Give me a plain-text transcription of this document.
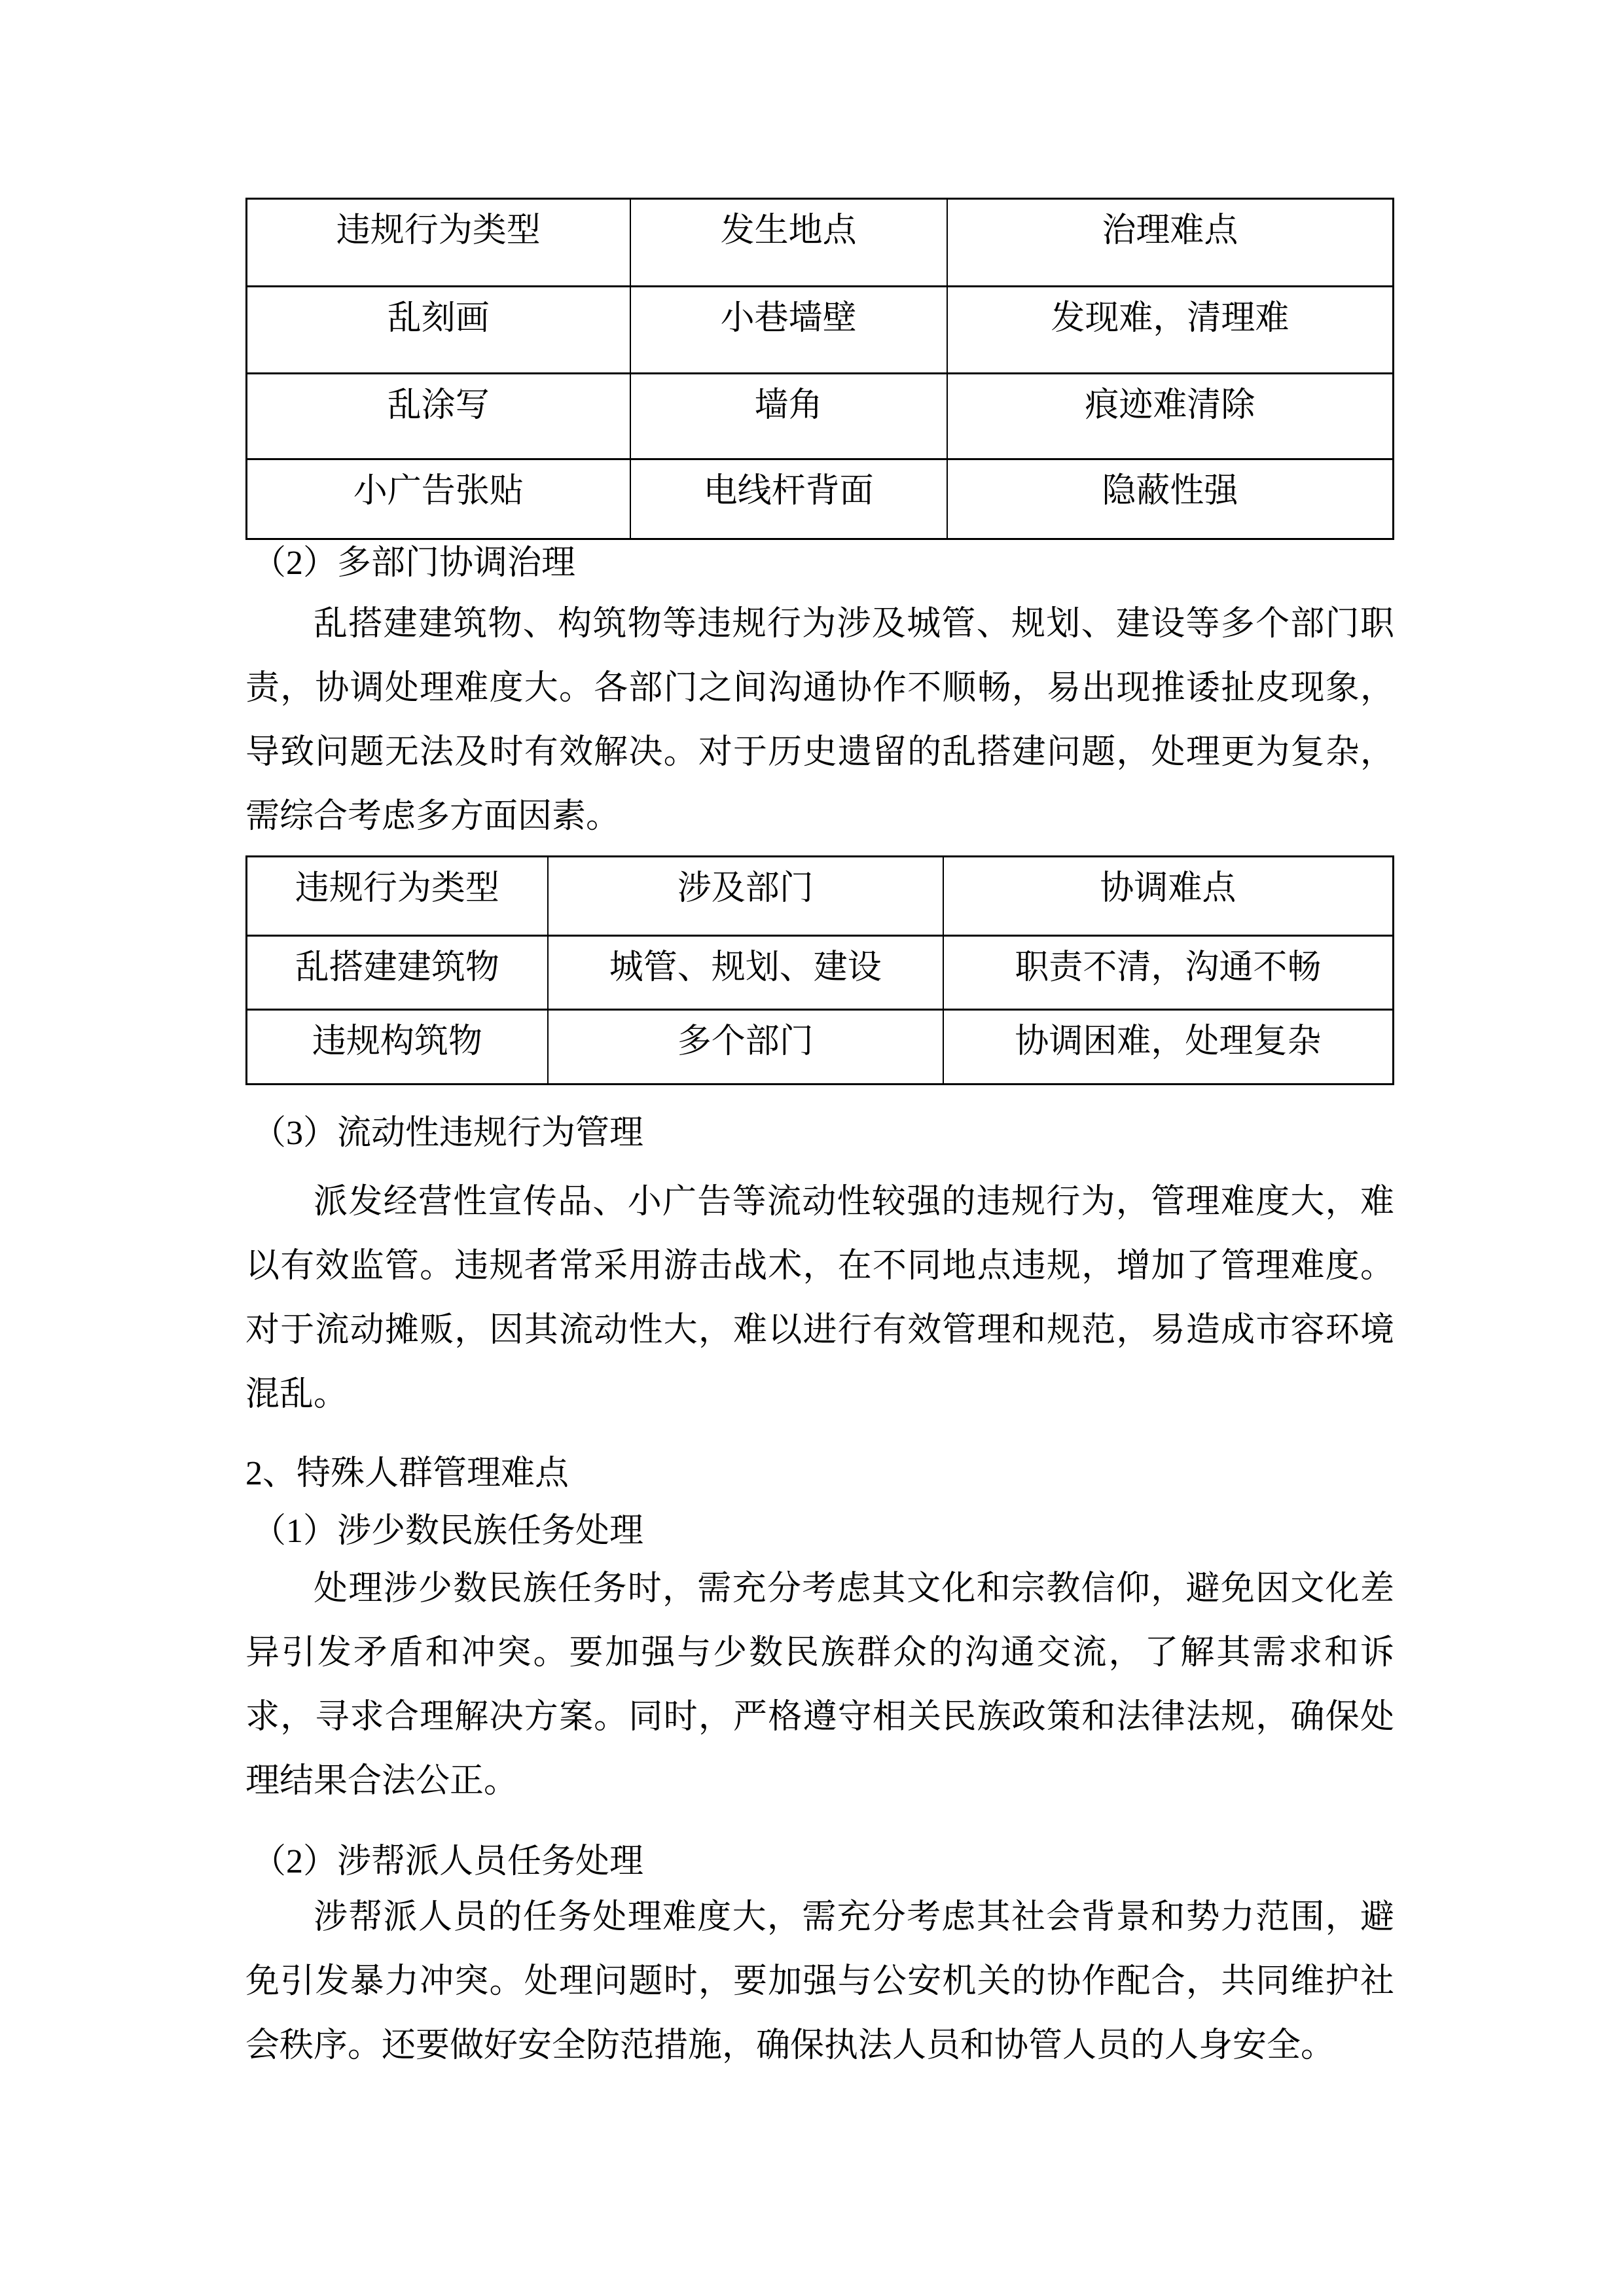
违规行为类型	发生地点	治理难点
乱刻画	小巷墙壁	发现难，清理难
乱涂写	墙角	痕迹难清除
小广告张贴	电线杆背面	隐蔽性强
（2）多部门协调治理
乱搭建建筑物、构筑物等违规行为涉及城管、规划、建设等多个部门职责，协调处理难度大。各部门之间沟通协作不顺畅，易出现推诿扯皮现象，导致问题无法及时有效解决。对于历史遗留的乱搭建问题，处理更为复杂，需综合考虑多方面因素。
违规行为类型	涉及部门	协调难点
乱搭建建筑物	城管、规划、建设	职责不清，沟通不畅
违规构筑物	多个部门	协调困难，处理复杂
（3）流动性违规行为管理
派发经营性宣传品、小广告等流动性较强的违规行为，管理难度大，难以有效监管。违规者常采用游击战术，在不同地点违规，增加了管理难度。对于流动摊贩，因其流动性大，难以进行有效管理和规范，易造成市容环境混乱。
2、特殊人群管理难点
（1）涉少数民族任务处理
处理涉少数民族任务时，需充分考虑其文化和宗教信仰，避免因文化差异引发矛盾和冲突。要加强与少数民族群众的沟通交流，了解其需求和诉求，寻求合理解决方案。同时，严格遵守相关民族政策和法律法规，确保处理结果合法公正。
（2）涉帮派人员任务处理
涉帮派人员的任务处理难度大，需充分考虑其社会背景和势力范围，避免引发暴力冲突。处理问题时，要加强与公安机关的协作配合，共同维护社会秩序。还要做好安全防范措施，确保执法人员和协管人员的人身安全。
